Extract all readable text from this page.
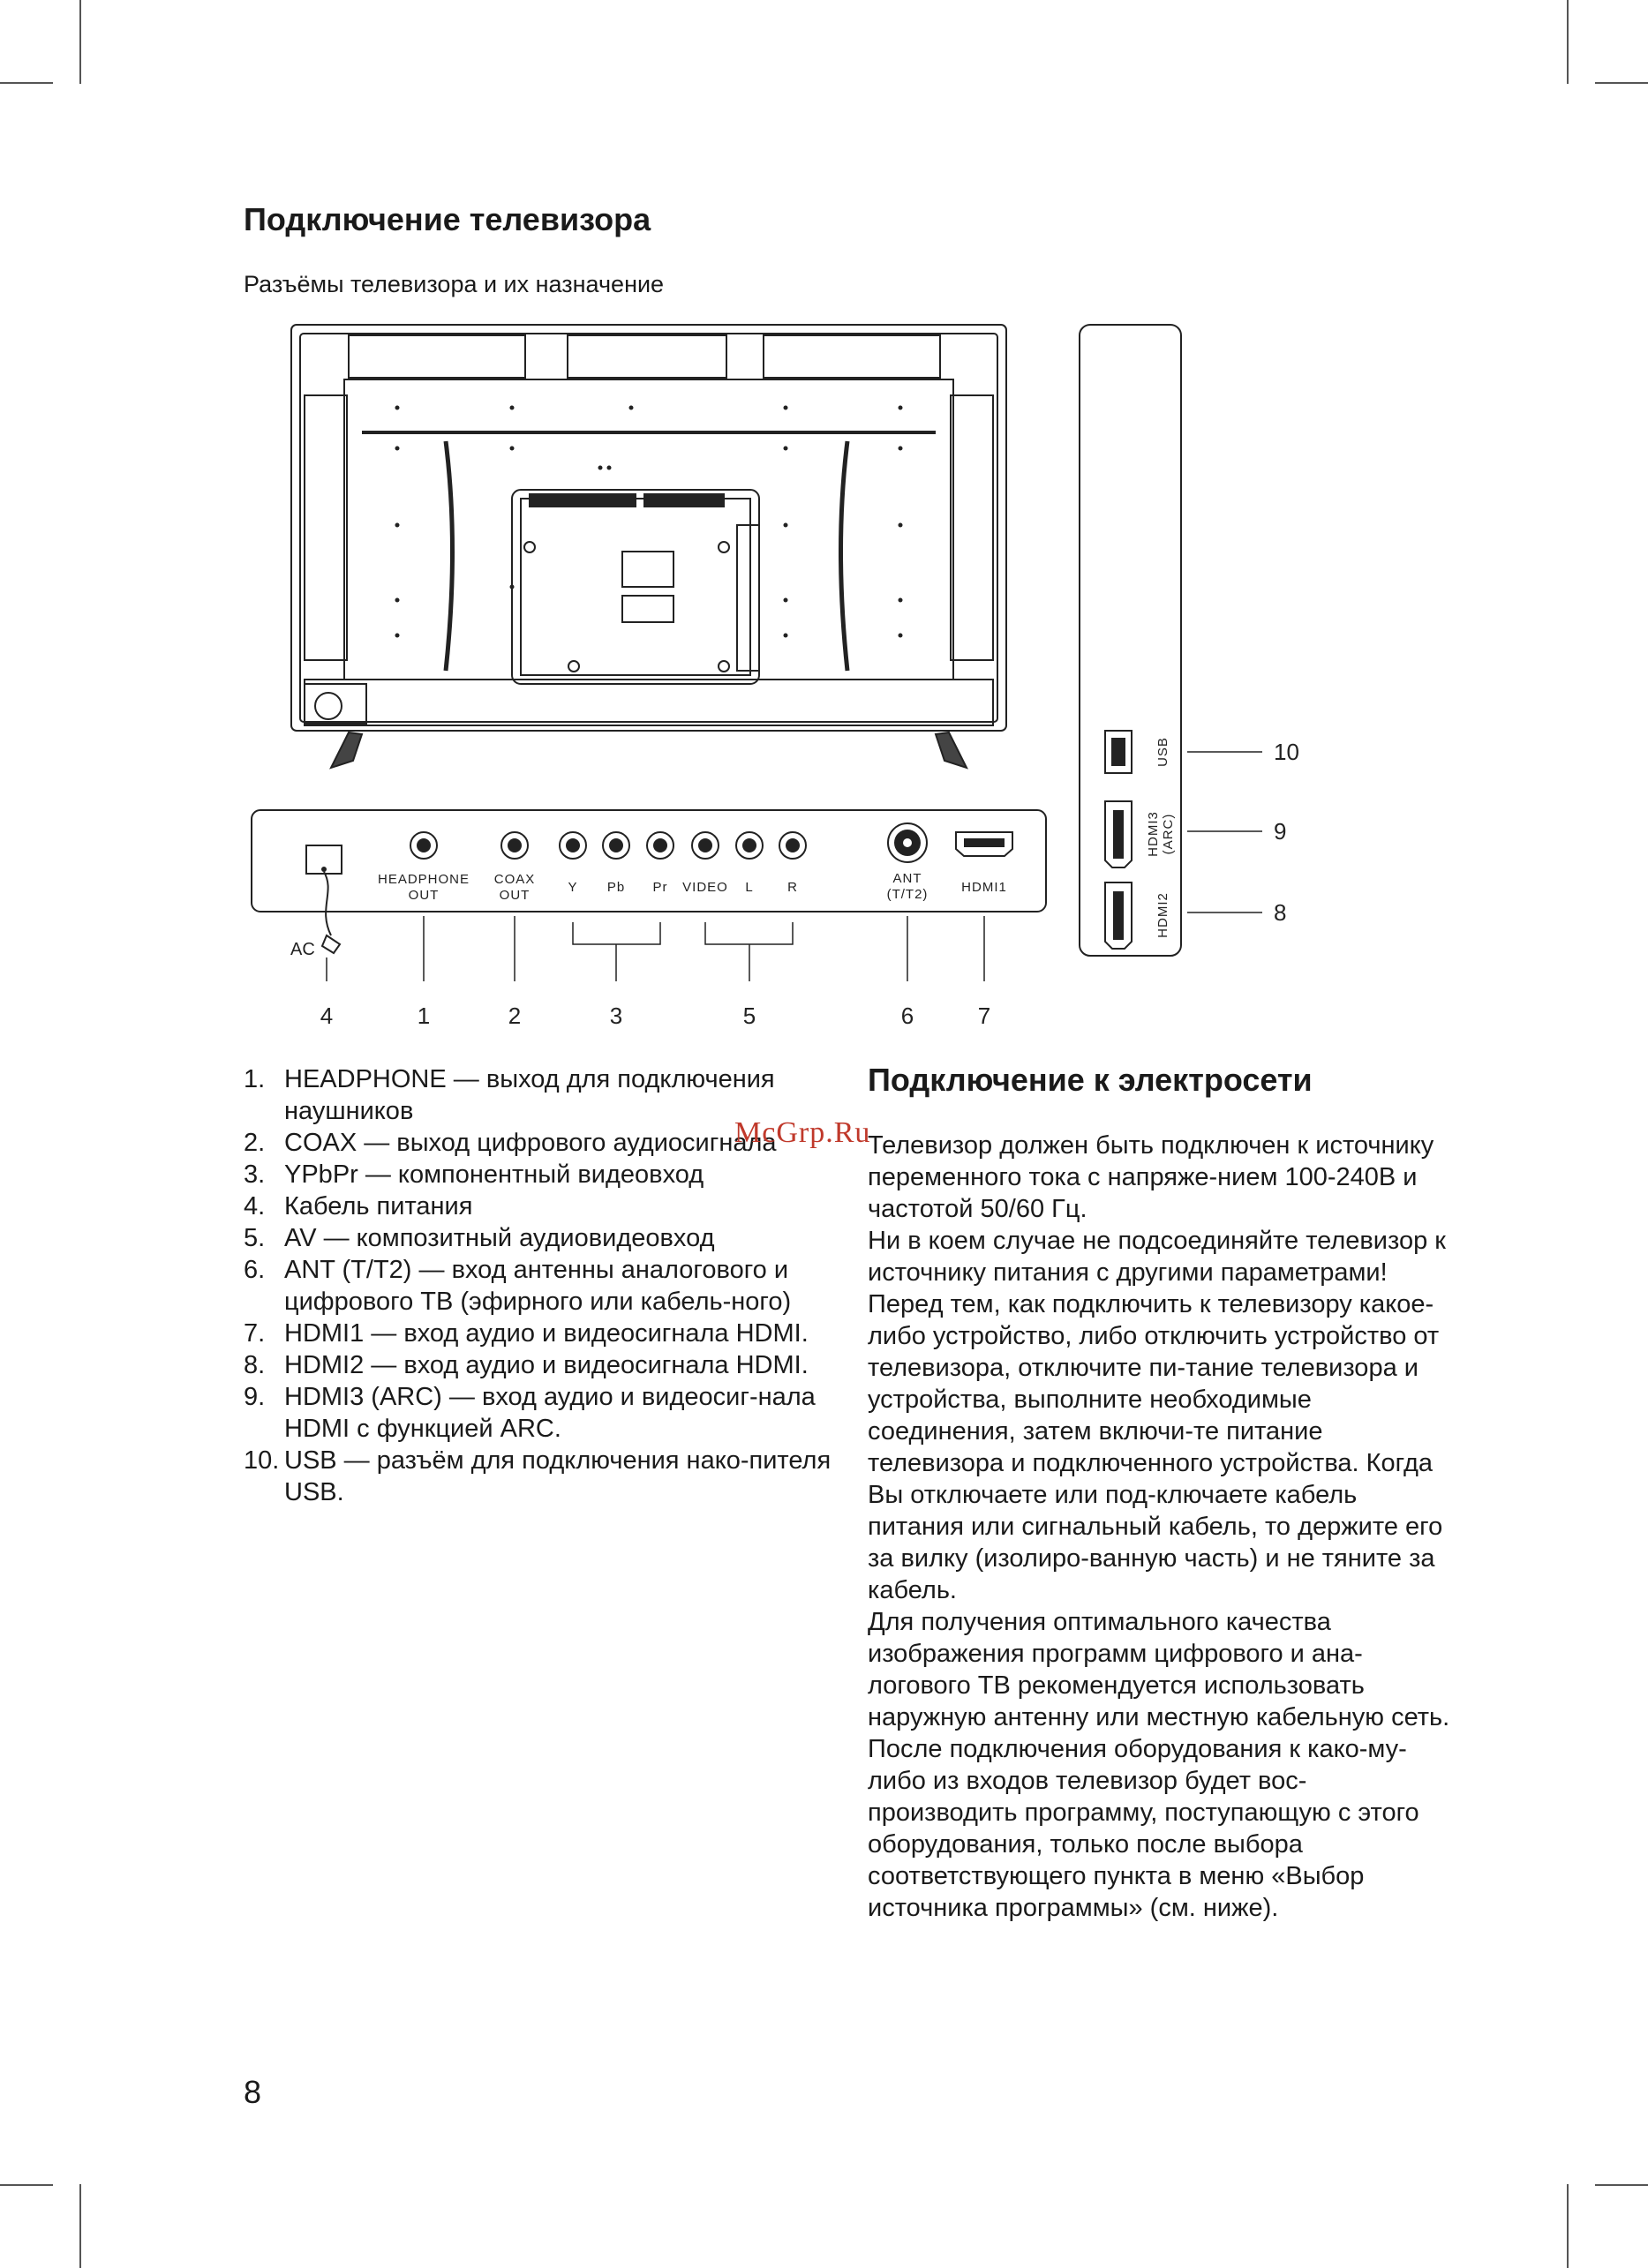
Подключение телевизора
Разъёмы телевизора и их назначение
HEADPHONE
OUT
COAX
OUT
Y Pb Pr VIDEO L	R
ANT
(T/T2)	HDMI1
AC
4	1	2	3	5	6	7
10
9
8
USB
HDMI3 (ARC)
HDMI2
1. HEADPHONE — выход для подключения наушников
2. COAX — выход цифрового аудиосигнала
3. YPbPr — компонентный видеовход
4. Кабель питания
5. AV — композитный аудиовидеовход
6. ANT (T/T2) — вход антенны аналогового и цифрового ТВ (эфирного или кабель-ного)
7. HDMI1 — вход аудио и видеосигнала HDMI.
8. HDMI2 — вход аудио и видеосигнала HDMI.
9. HDMI3 (ARC) — вход аудио и видеосиг-нала HDMI с функцией ARC.
10. USB — разъём для подключения нако-пителя USB.
Подключение к электросети

Телевизор должен быть подключен к источнику переменного тока с напряже-нием 100-240В и частотой 50/60 Гц.

Ни в коем случае не подсоединяйте телевизор к источнику питания с другими параметрами!

Перед тем, как подключить к телевизору какое-либо устройство, либо отключить устройство от телевизора, отключите пи-тание телевизора и устройства, выполните необходимые соединения, затем включи-те питание телевизора и подключенного устройства. Когда Вы отключаете или под-ключаете кабель питания или сигнальный кабель, то держите его за вилку (изолиро-ванную часть) и не тяните за кабель.

Для получения оптимального качества изображения программ цифрового и ана-логового ТВ рекомендуется использовать наружную антенну или местную кабельную сеть.

После подключения оборудования к како-му-либо из входов телевизор будет вос-производить программу, поступающую с этого оборудования, только после выбора соответствующего пункта в меню «Выбор источника программы» (см. ниже).

McGrp.Ru
8
